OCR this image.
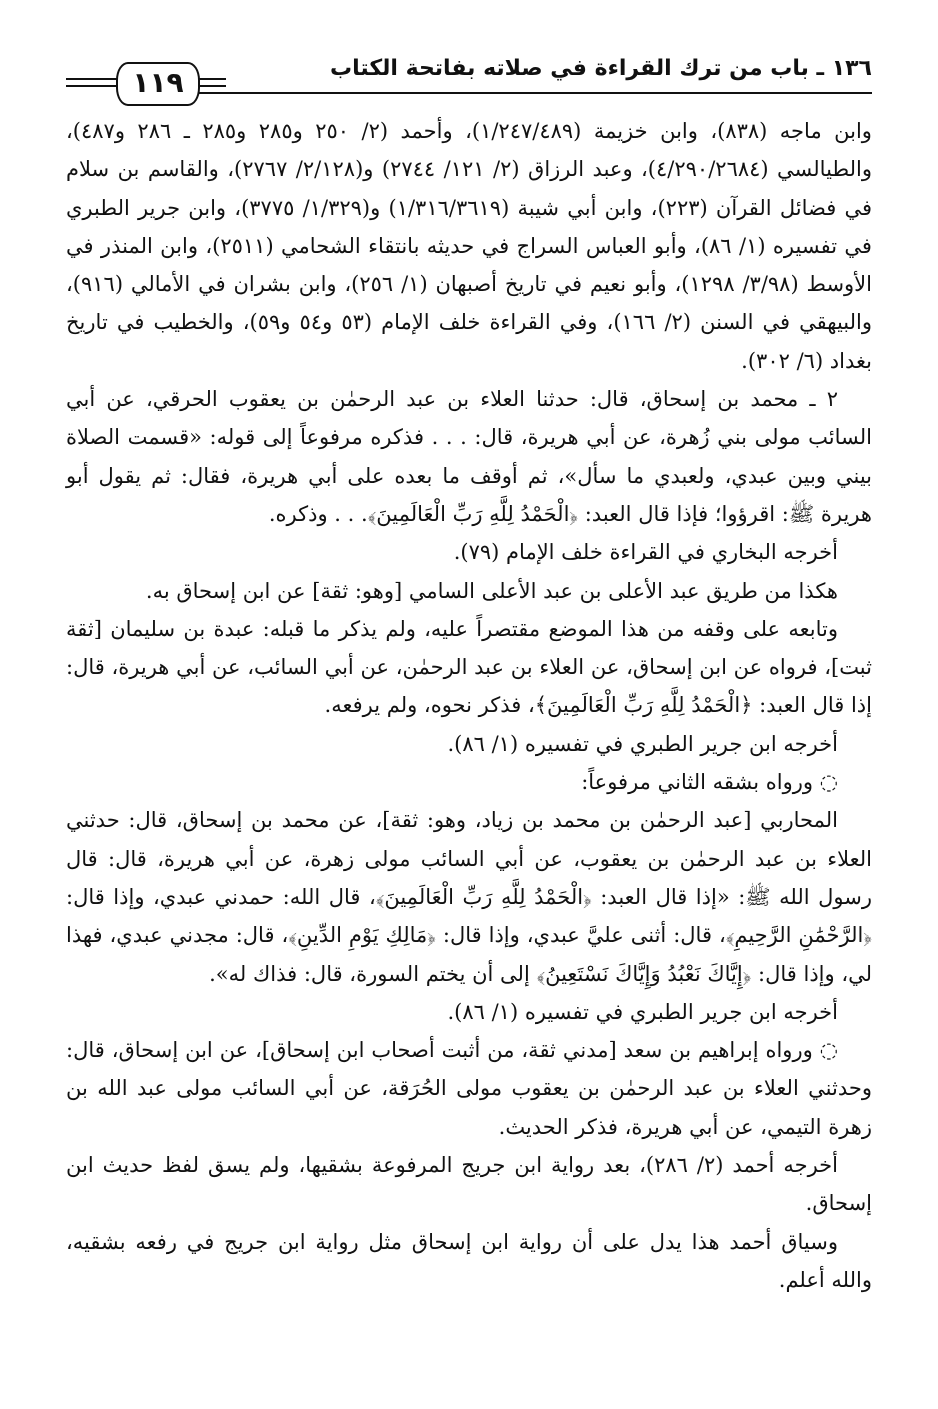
١٣٦ ـ باب من ترك القراءة في صلاته بفاتحة الكتاب
١١٩

وابن ماجه (٨٣٨)، وابن خزيمة (١/٢٤٧/٤٨٩)، وأحمد (٢/ ٢٥٠ و٢٨٥ و٢٨٥ ـ ٢٨٦ و٤٨٧)، والطيالسي (٤/٢٩٠/٢٦٨٤)، وعبد الرزاق (٢/ ١٢١/ ٢٧٤٤) و(٢/١٢٨/ ٢٧٦٧)، والقاسم بن سلام في فضائل القرآن (٢٢٣)، وابن أبي شيبة (١/٣١٦/٣٦١٩) و(١/٣٢٩/ ٣٧٧٥)، وابن جرير الطبري في تفسيره (١/ ٨٦)، وأبو العباس السراج في حديثه بانتقاء الشحامي (٢٥١١)، وابن المنذر في الأوسط (٣/٩٨/ ١٢٩٨)، وأبو نعيم في تاريخ أصبهان (١/ ٢٥٦)، وابن بشران في الأمالي (٩١٦)، والبيهقي في السنن (٢/ ١٦٦)، وفي القراءة خلف الإمام (٥٣ و٥٤ و٥٩)، والخطيب في تاريخ بغداد (٦/ ٣٠٢).

٢ ـ محمد بن إسحاق، قال: حدثنا العلاء بن عبد الرحمٰن بن يعقوب الحرقي، عن أبي السائب مولى بني زُهرة، عن أبي هريرة، قال: . . . فذكره مرفوعاً إلى قوله: «قسمت الصلاة بيني وبين عبدي، ولعبدي ما سأل»، ثم أوقف ما بعده على أبي هريرة، فقال: ثم يقول أبو هريرة ﷺ: اقرؤوا؛ فإذا قال العبد: ﴿الْحَمْدُ لِلَّهِ رَبِّ الْعَالَمِينَ﴾. . . وذكره.

أخرجه البخاري في القراءة خلف الإمام (٧٩).

هكذا من طريق عبد الأعلى بن عبد الأعلى السامي [وهو: ثقة] عن ابن إسحاق به.

وتابعه على وقفه من هذا الموضع مقتصراً عليه، ولم يذكر ما قبله: عبدة بن سليمان [ثقة ثبت]، فرواه عن ابن إسحاق، عن العلاء بن عبد الرحمٰن، عن أبي السائب، عن أبي هريرة، قال: إذا قال العبد: ﴿الْحَمْدُ لِلَّهِ رَبِّ الْعَالَمِينَ﴾، فذكر نحوه، ولم يرفعه.

أخرجه ابن جرير الطبري في تفسيره (١/ ٨٦).

◌ ورواه بشقه الثاني مرفوعاً:

المحاربي [عبد الرحمٰن بن محمد بن زياد، وهو: ثقة]، عن محمد بن إسحاق، قال: حدثني العلاء بن عبد الرحمٰن بن يعقوب، عن أبي السائب مولى زهرة، عن أبي هريرة، قال: قال رسول الله ﷺ: «إذا قال العبد: ﴿الْحَمْدُ لِلَّهِ رَبِّ الْعَالَمِينَ﴾، قال الله: حمدني عبدي، وإذا قال: ﴿الرَّحْمَٰنِ الرَّحِيمِ﴾، قال: أثنى عليَّ عبدي، وإذا قال: ﴿مَالِكِ يَوْمِ الدِّينِ﴾، قال: مجدني عبدي، فهذا لي، وإذا قال: ﴿إِيَّاكَ نَعْبُدُ وَإِيَّاكَ نَسْتَعِينُ﴾ إلى أن يختم السورة، قال: فذاك له».

أخرجه ابن جرير الطبري في تفسيره (١/ ٨٦).

◌ ورواه إبراهيم بن سعد [مدني ثقة، من أثبت أصحاب ابن إسحاق]، عن ابن إسحاق، قال: وحدثني العلاء بن عبد الرحمٰن بن يعقوب مولى الحُرَقة، عن أبي السائب مولى عبد الله بن زهرة التيمي، عن أبي هريرة، فذكر الحديث.

أخرجه أحمد (٢/ ٢٨٦)، بعد رواية ابن جريج المرفوعة بشقيها، ولم يسق لفظ حديث ابن إسحاق.

وسياق أحمد هذا يدل على أن رواية ابن إسحاق مثل رواية ابن جريج في رفعه بشقيه، والله أعلم.
